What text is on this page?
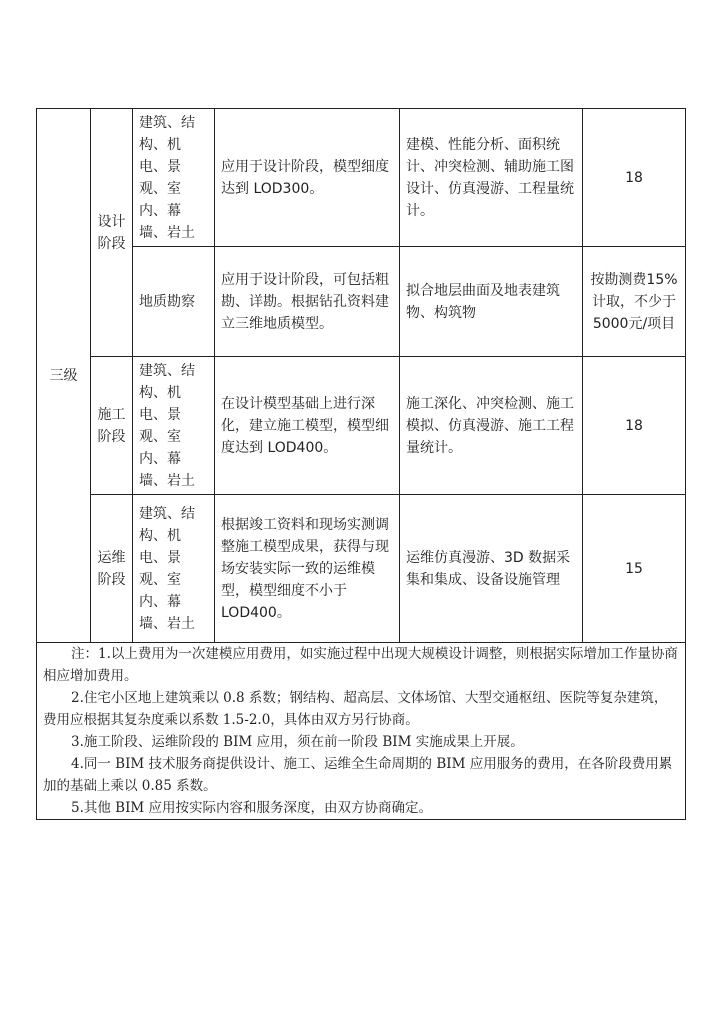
三级	设计阶段	建筑、结构、机电、景观、室内、幕墙、岩土	应用于设计阶段，模型细度达到 LOD300。	建模、性能分析、面积统计、冲突检测、辅助施工图设计、仿真漫游、工程量统计。	18
		地质勘察	应用于设计阶段，可包括粗勘、详勘。根据钻孔资料建立三维地质模型。	拟合地层曲面及地表建筑物、构筑物	按勘测费15%计取，不少于 5000元/项目
	施工阶段	建筑、结构、机电、景观、室内、幕墙、岩土	在设计模型基础上进行深化，建立施工模型，模型细度达到 LOD400。	施工深化、冲突检测、施工模拟、仿真漫游、施工工程量统计。	18
	运维阶段	建筑、结构、机电、景观、室内、幕墙、岩土	根据竣工资料和现场实测调整施工模型成果，获得与现场安装实际一致的运维模型，模型细度不小于 LOD400。	运维仿真漫游、3D 数据采集和集成、设备设施管理	15

注：1.以上费用为一次建模应用费用，如实施过程中出现大规模设计调整，则根据实际增加工作量协商相应增加费用。
2.住宅小区地上建筑乘以 0.8 系数；钢结构、超高层、文体场馆、大型交通枢纽、医院等复杂建筑，费用应根据其复杂度乘以系数 1.5-2.0，具体由双方另行协商。
3.施工阶段、运维阶段的 BIM 应用，须在前一阶段 BIM 实施成果上开展。
4.同一 BIM 技术服务商提供设计、施工、运维全生命周期的 BIM 应用服务的费用，在各阶段费用累加的基础上乘以 0.85 系数。
5.其他 BIM 应用按实际内容和服务深度，由双方协商确定。					
